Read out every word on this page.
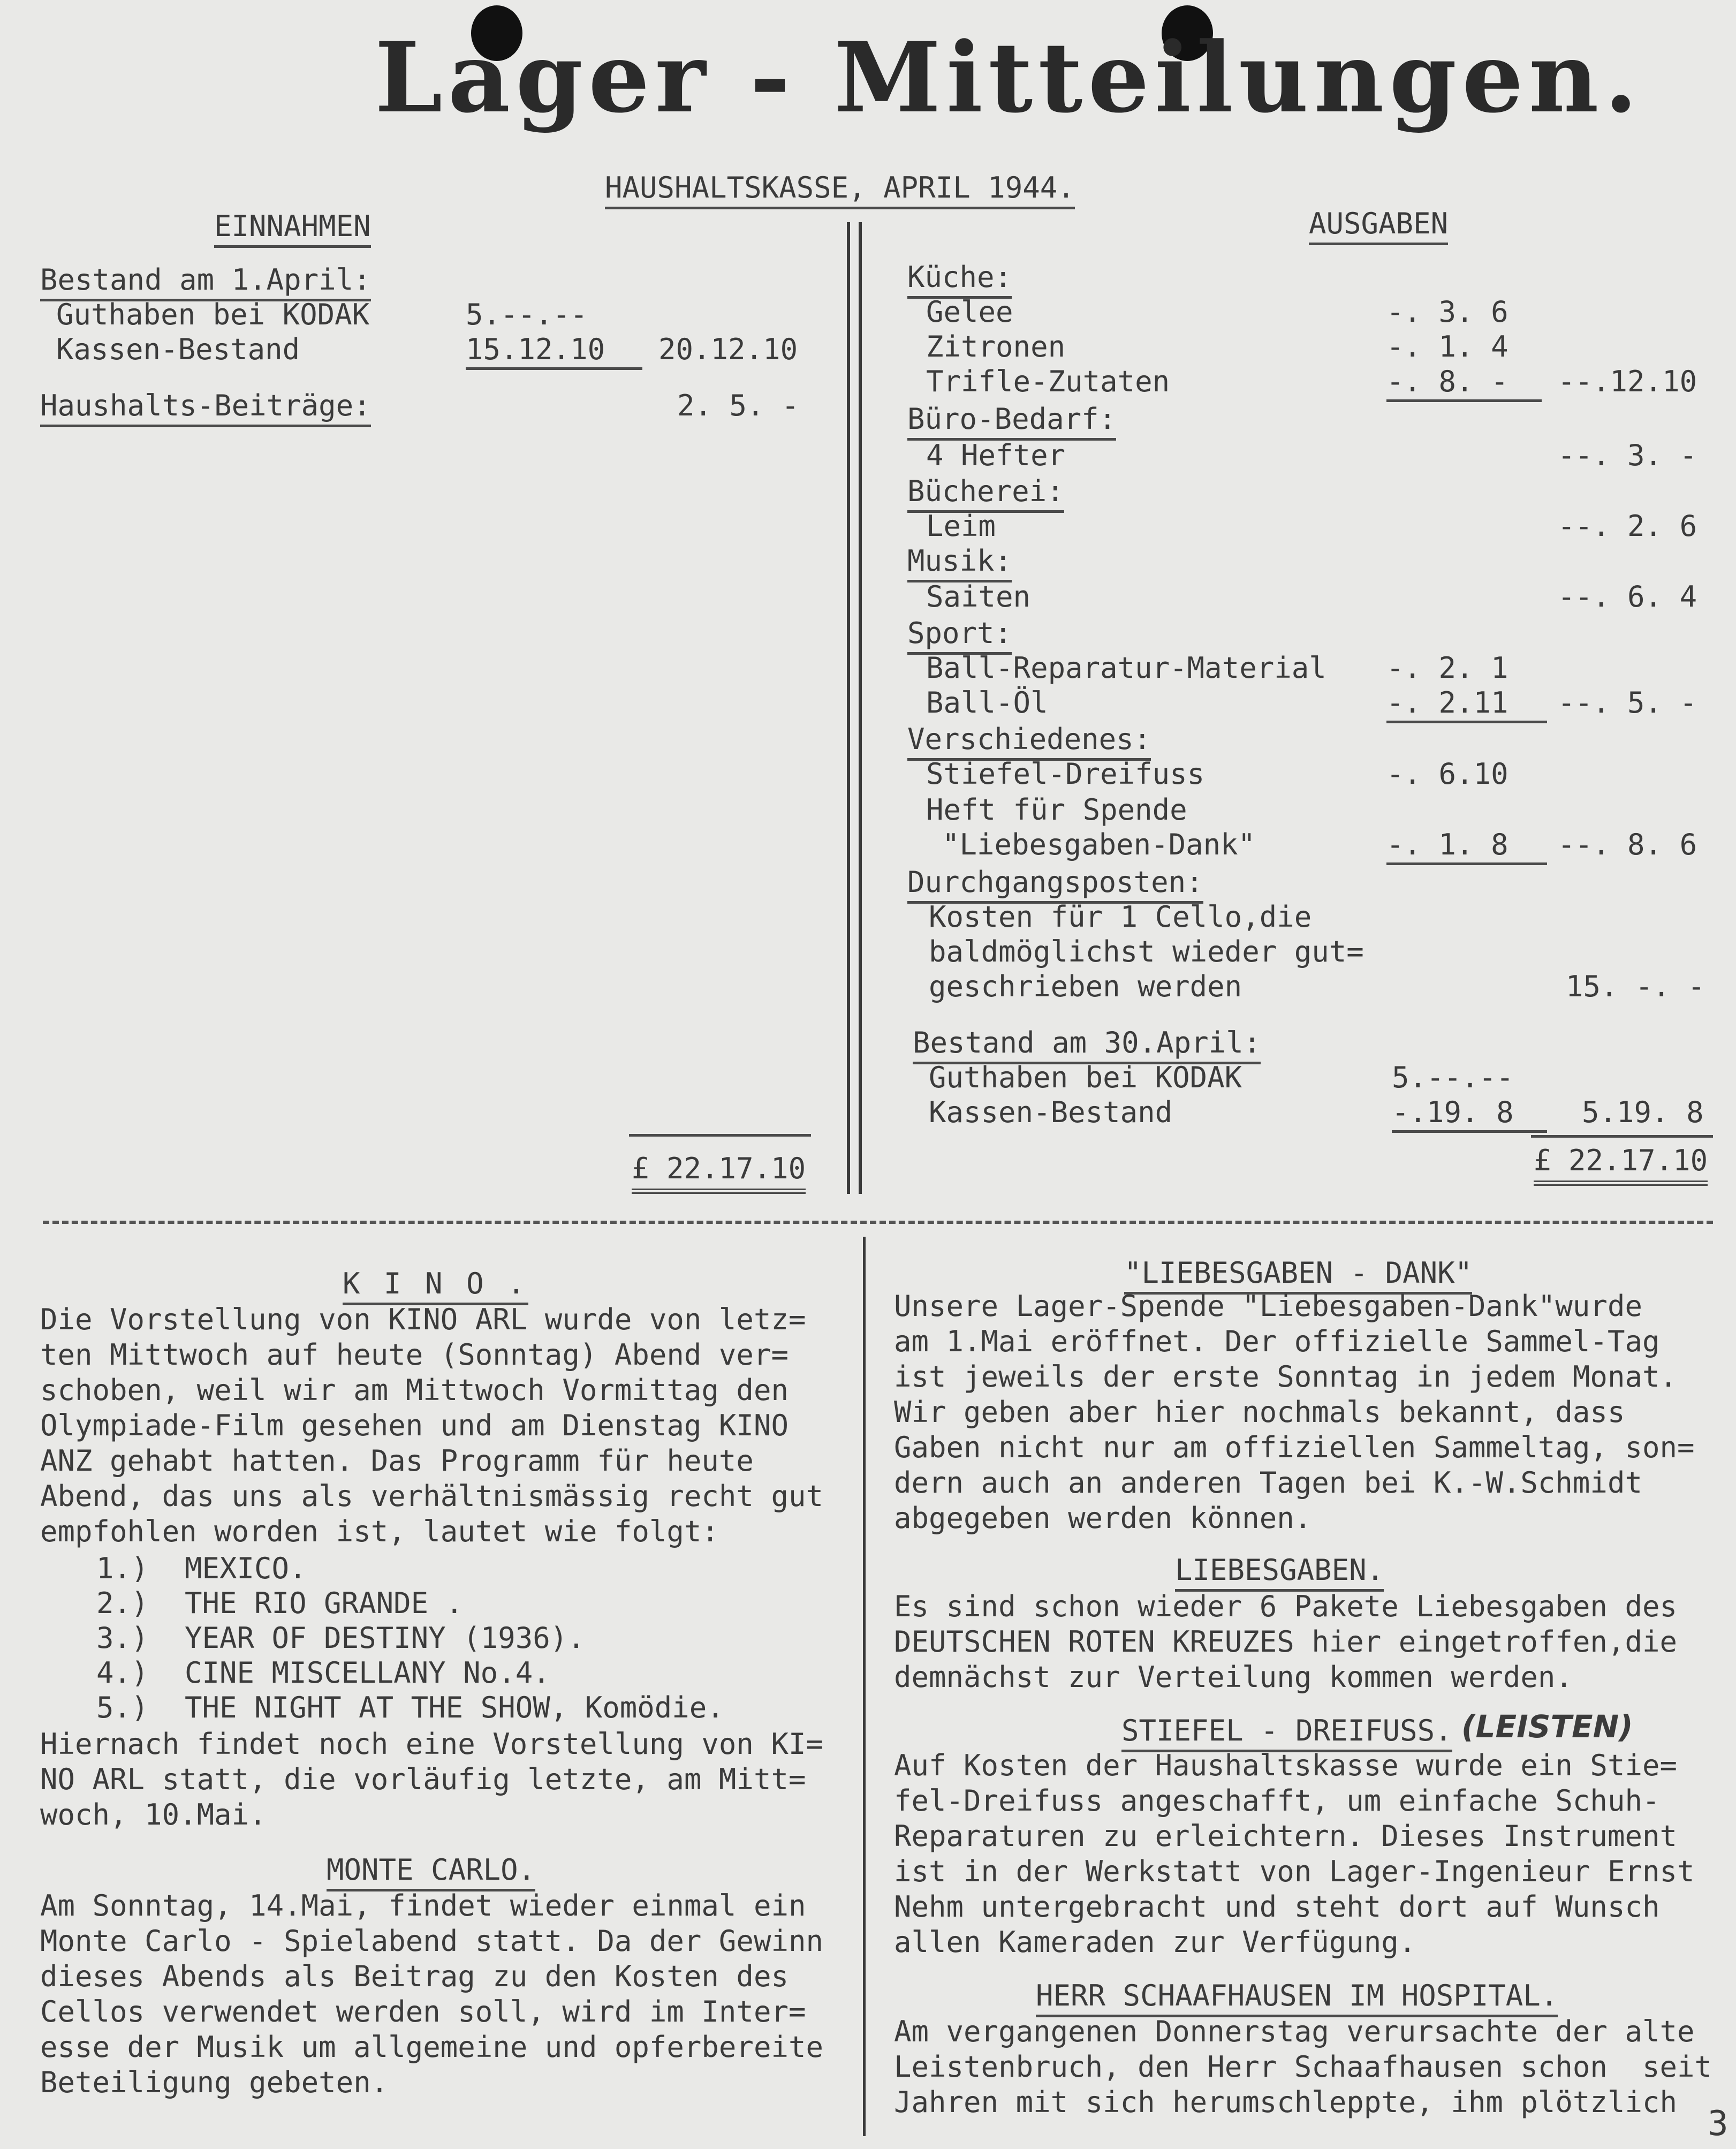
Lager - Mitteilungen.
HAUSHALTSKASSE, APRIL 1944.
EINNAHMEN
Bestand am 1.April:
Guthaben bei KODAK	5.--.--
Kassen-Bestand	15.12.10	20.12.10
Haushalts-Beiträge:	2. 5. -
£ 22.17.10
AUSGABEN
Küche:
Gelee	-. 3. 6
Zitronen	-. 1. 4
Trifle-Zutaten	-. 8. -	--.12.10
Büro-Bedarf:
4 Hefter	--. 3. -
Bücherei:
Leim	--. 2. 6
Musik:
Saiten	--. 6. 4
Sport:
Ball-Reparatur-Material -. 2. 1
Ball-Öl	-. 2.11	--. 5. -
Verschiedenes:
Stiefel-Dreifuss	-. 6.10
Heft für Spende
"Liebesgaben-Dank"	-. 1. 8	--. 8. 6
Durchgangsposten:
Kosten für 1 Cello,die
baldmöglichst wieder gut=
geschrieben werden	15. -. -
Bestand am 30.April:
Guthaben bei KODAK	5.--.--
Kassen-Bestand	-.19. 8	5.19. 8
£ 22.17.10
K I N O .
Die Vorstellung von KINO ARL wurde von letz=
ten Mittwoch auf heute (Sonntag) Abend ver=
schoben, weil wir am Mittwoch Vormittag den
Olympiade-Film gesehen und am Dienstag KINO
ANZ gehabt hatten. Das Programm für heute
Abend, das uns als verhältnismässig recht gut
empfohlen worden ist, lautet wie folgt:
1.) MEXICO.
2.) THE RIO GRANDE .
3.) YEAR OF DESTINY (1936).
4.) CINE MISCELLANY No.4.
5.) THE NIGHT AT THE SHOW, Komödie.
Hiernach findet noch eine Vorstellung von KI=
NO ARL statt, die vorläufig letzte, am Mitt=
woch, 10.Mai.
MONTE CARLO.
Am Sonntag, 14.Mai, findet wieder einmal ein
Monte Carlo - Spielabend statt. Da der Gewinn
dieses Abends als Beitrag zu den Kosten des
Cellos verwendet werden soll, wird im Inter=
esse der Musik um allgemeine und opferbereite
Beteiligung gebeten.
"LIEBESGABEN - DANK"
Unsere Lager-Spende "Liebesgaben-Dank"wurde
am 1.Mai eröffnet. Der offizielle Sammel-Tag
ist jeweils der erste Sonntag in jedem Monat.
Wir geben aber hier nochmals bekannt, dass
Gaben nicht nur am offiziellen Sammeltag, son=
dern auch an anderen Tagen bei K.-W.Schmidt
abgegeben werden können.
LIEBESGABEN.
Es sind schon wieder 6 Pakete Liebesgaben des
DEUTSCHEN ROTEN KREUZES hier eingetroffen,die
demnächst zur Verteilung kommen werden.
STIEFEL - DREIFUSS. (LEISTEN)
Auf Kosten der Haushaltskasse wurde ein Stie=
fel-Dreifuss angeschafft, um einfache Schuh-
Reparaturen zu erleichtern. Dieses Instrument
ist in der Werkstatt von Lager-Ingenieur Ernst
Nehm untergebracht und steht dort auf Wunsch
allen Kameraden zur Verfügung.
HERR SCHAAFHAUSEN IM HOSPITAL.
Am vergangenen Donnerstag verursachte der alte
Leistenbruch, den Herr Schaafhausen schon  seit
Jahren mit sich herumschleppte, ihm plötzlich
3
